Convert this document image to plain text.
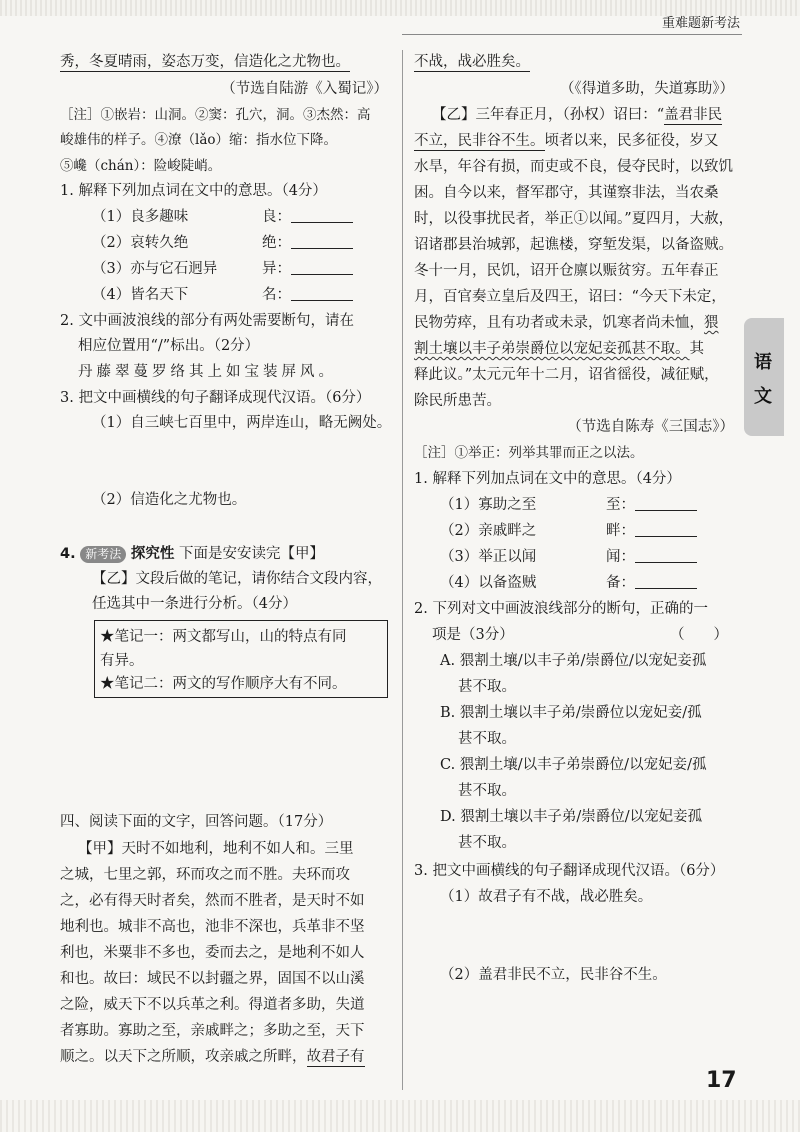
重难题新考法
语
文
秀，冬夏晴雨，姿态万变，信造化之尤物也。
（节选自陆游《入蜀记》）
［注］①嵌岩：山洞。②窦：孔穴，洞。③杰然：高
峻雄伟的样子。④潦（lǎo）缩：指水位下降。
⑤巉（chán）：险峻陡峭。
1. 解释下列加点词在文中的意思。（4分）
（1）良多趣味	良：
（2）哀转久绝	绝：
（3）亦与它石迥异	异：
（4）皆名天下	名：
2. 文中画波浪线的部分有两处需要断句，请在
相应位置用“/”标出。（2分）
丹藤翠蔓罗络其上如宝装屏风。
3. 把文中画横线的句子翻译成现代汉语。（6分）
（1）自三峡七百里中，两岸连山，略无阙处。
（2）信造化之尤物也。
4. 新考法 探究性 下面是安安读完【甲】
【乙】文段后做的笔记，请你结合文段内容，
任选其中一条进行分析。（4分）
★笔记一：两文都写山，山的特点有同
有异。
★笔记二：两文的写作顺序大有不同。
四、阅读下面的文字，回答问题。（17分）
【甲】天时不如地利，地利不如人和。三里
之城，七里之郭，环而攻之而不胜。夫环而攻
之，必有得天时者矣，然而不胜者，是天时不如
地利也。城非不高也，池非不深也，兵革非不坚
利也，米粟非不多也，委而去之，是地利不如人
和也。故曰：域民不以封疆之界，固国不以山溪
之险，威天下不以兵革之利。得道者多助，失道
者寡助。寡助之至，亲戚畔之；多助之至，天下
顺之。以天下之所顺，攻亲戚之所畔，故君子有
不战，战必胜矣。
（《得道多助，失道寡助》）
【乙】三年春正月，（孙权）诏曰：“盖君非民
不立，民非谷不生。顷者以来，民多征役，岁又
水旱，年谷有损，而吏或不良，侵夺民时，以致饥
困。自今以来，督军郡守，其谨察非法，当农桑
时，以役事扰民者，举正①以闻。”夏四月，大赦，
诏诸郡县治城郭，起谯楼，穿堑发渠，以备盗贼。
冬十一月，民饥，诏开仓廪以赈贫穷。五年春正
月，百官奏立皇后及四王，诏曰：“今天下未定，
民物劳瘁，且有功者或未录，饥寒者尚未恤，猥
割土壤以丰子弟崇爵位以宠妃妾孤甚不取。其
释此议。”太元元年十二月，诏省徭役，减征赋，
除民所患苦。
（节选自陈寿《三国志》）
［注］①举正：列举其罪而正之以法。
1. 解释下列加点词在文中的意思。（4分）
（1）寡助之至	至：
（2）亲戚畔之	畔：
（3）举正以闻	闻：
（4）以备盗贼	备：
2. 下列对文中画波浪线部分的断句，正确的一
项是（3分）	（　　）
A. 猥割土壤/以丰子弟/崇爵位/以宠妃妾孤
甚不取。
B. 猥割土壤以丰子弟/崇爵位以宠妃妾/孤
甚不取。
C. 猥割土壤/以丰子弟崇爵位/以宠妃妾/孤
甚不取。
D. 猥割土壤以丰子弟/崇爵位/以宠妃妾孤
甚不取。
3. 把文中画横线的句子翻译成现代汉语。（6分）
（1）故君子有不战，战必胜矣。
（2）盖君非民不立，民非谷不生。
17
